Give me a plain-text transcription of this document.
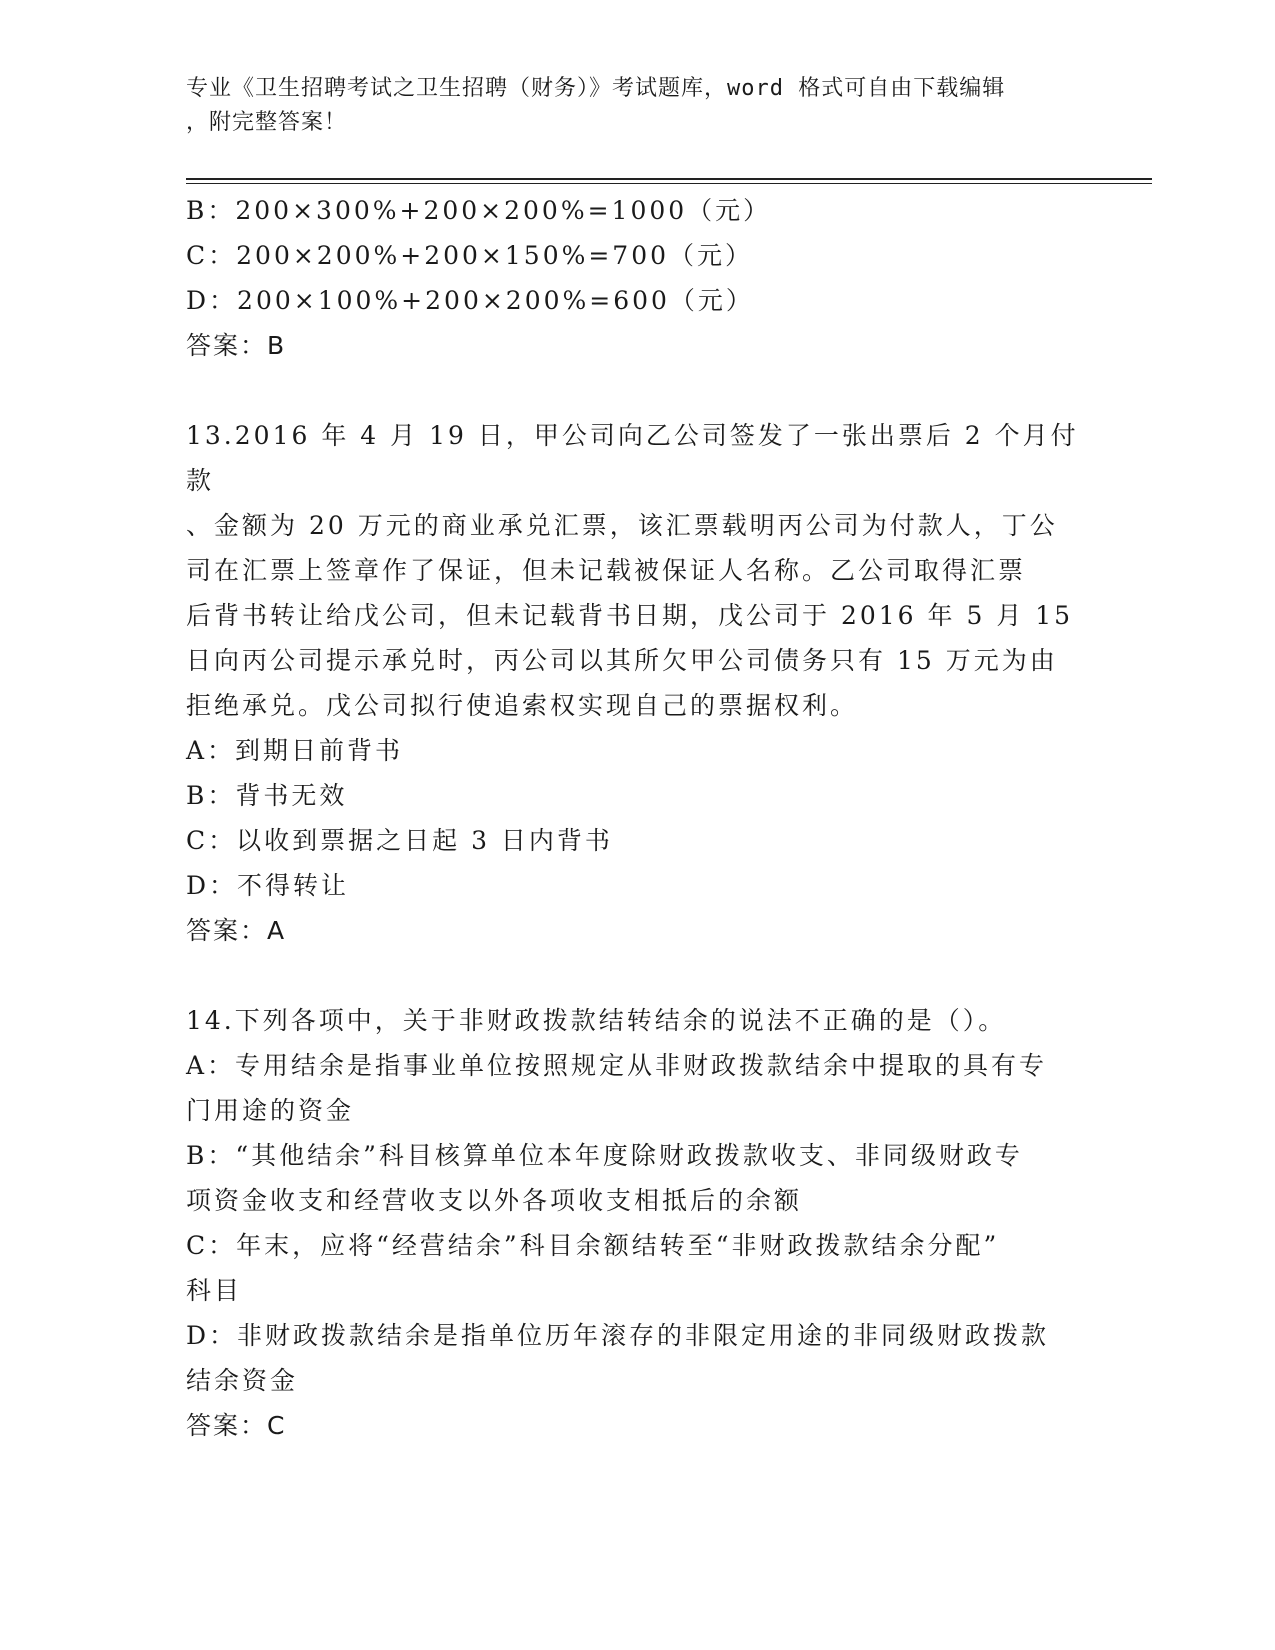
专业《卫生招聘考试之卫生招聘（财务）》考试题库，word 格式可自由下载编辑
，附完整答案！
B：200×300%+200×200%=1000（元）
C：200×200%+200×150%=700（元）
D：200×100%+200×200%=600（元）
答案：B
13.2016 年 4 月 19 日，甲公司向乙公司签发了一张出票后 2 个月付款
、金额为 20 万元的商业承兑汇票，该汇票载明丙公司为付款人，丁公
司在汇票上签章作了保证，但未记载被保证人名称。乙公司取得汇票
后背书转让给戊公司，但未记载背书日期，戊公司于 2016 年 5 月 15
日向丙公司提示承兑时，丙公司以其所欠甲公司债务只有 15 万元为由
拒绝承兑。戊公司拟行使追索权实现自己的票据权利。
A：到期日前背书
B：背书无效
C：以收到票据之日起 3 日内背书
D：不得转让
答案：A
14.下列各项中，关于非财政拨款结转结余的说法不正确的是（）。
A：专用结余是指事业单位按照规定从非财政拨款结余中提取的具有专
门用途的资金
B：“其他结余”科目核算单位本年度除财政拨款收支、非同级财政专
项资金收支和经营收支以外各项收支相抵后的余额
C：年末，应将“经营结余”科目余额结转至“非财政拨款结余分配”
科目
D：非财政拨款结余是指单位历年滚存的非限定用途的非同级财政拨款
结余资金
答案：C
